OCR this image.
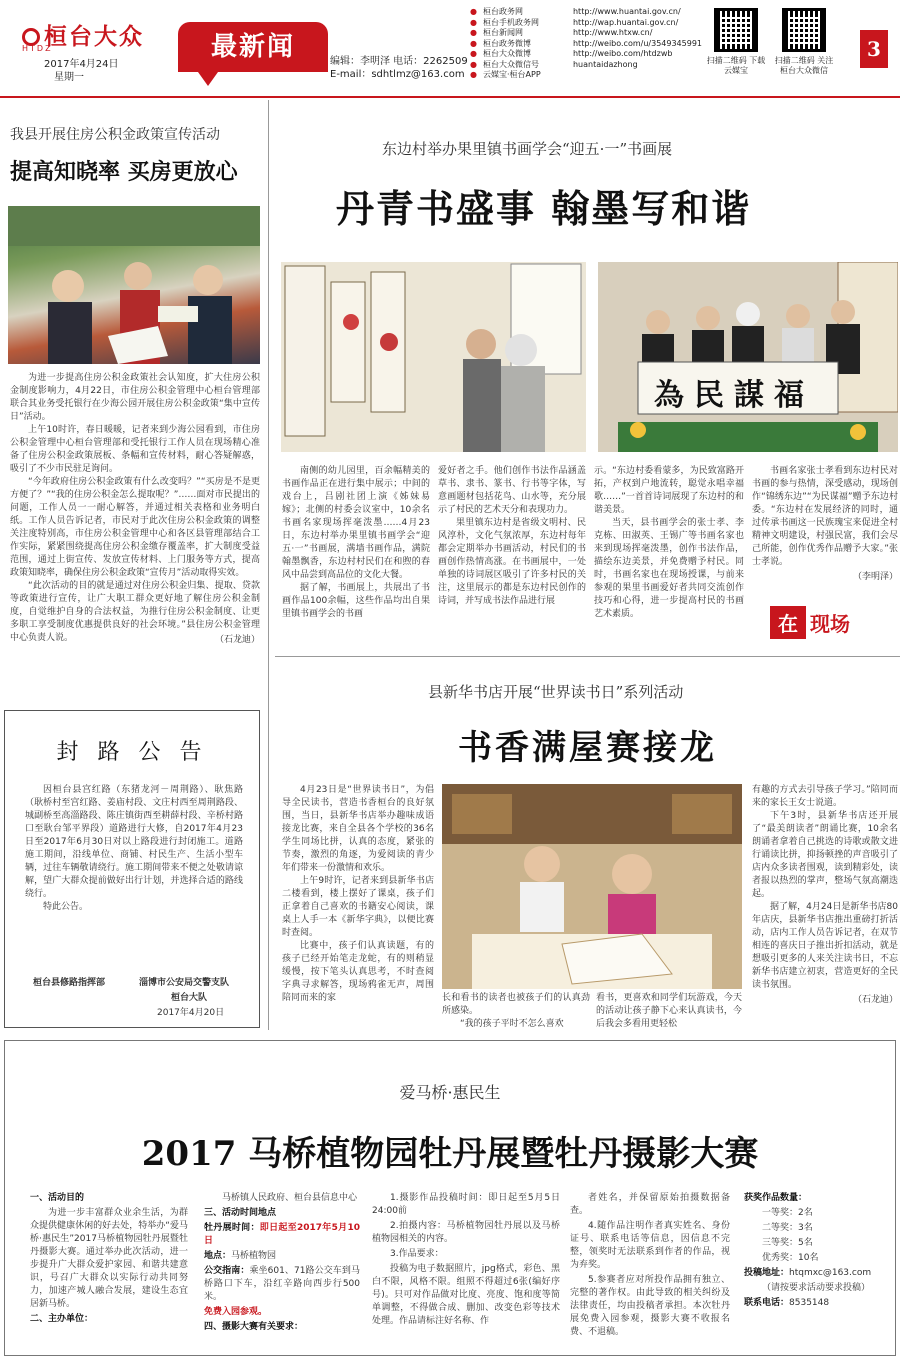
桓台大众
HTDZ
2017年4月24日
星期一
最新闻	编辑：李明泽 电话：2262509
E-mail：sdhtlmz@163.com
● 桓台政务网	http://www.huantai.gov.cn/
● 桓台手机政务网	http://wap.huantai.gov.cn/
● 桓台新闻网	http://www.htxw.cn/
● 桓台政务微博	http://weibo.com/u/3549345991
● 桓台大众微博	http://weibo.com/htdzwb
● 桓台大众微信号	huantaidazhong
● 云媒宝·桓台APP
扫描二维码 下载云媒宝
扫描二维码 关注桓台大众微信
3
我县开展住房公积金政策宣传活动
提高知晓率 买房更放心

为进一步提高住房公积金政策社会认知度，扩大住房公积金制度影响力，4月22日，市住房公积金管理中心桓台管理部联合其业务受托银行在少海公园开展住房公积金政策“集中宣传日”活动。

上午10时许，春日暖暖，记者来到少海公园看到，市住房公积金管理中心桓台管理部和受托银行工作人员在现场精心准备了住房公积金政策展板、条幅和宣传材料，耐心答疑解惑，吸引了不少市民驻足询问。

“今年政府住房公积金政策有什么改变吗？”“买房是不是更方便了？”“我的住房公积金怎么提取呢？”……面对市民提出的问题，工作人员一一耐心解答，并通过相关表格和业务明白纸。工作人员告诉记者，市民对于此次住房公积金政策的调整关注度特别高，市住房公积金管理中心和各区县管理部结合工作实际，紧紧围绕提高住房公积金缴存覆盖率，扩大制度受益范围，通过上街宣传、发放宣传材料、上门服务等方式，提高政策知晓率，确保住房公积金政策“宣传月”活动取得实效。

“此次活动的目的就是通过对住房公积金归集、提取、贷款等政策进行宣传，让广大职工群众更好地了解住房公积金制度，自觉维护自身的合法权益，为推行住房公积金制度、让更多职工享受制度优惠提供良好的社会环境。”县住房公积金管理中心负责人说。	（石龙迪）
封 路 公 告

因桓台县宫红路（东猪龙河－周荆路）、耿焦路（耿桥村至宫红路、姜庙村段、文庄村西至周荆路段、城副桥至高淄路段、陈庄镇街西至耕薛村段、辛桥村路口至耿台邹平界段）道路进行大修，自2017年4月23日至2017年6月30日对以上路段进行封闭施工。道路施工期间，沿线单位、商铺、村民生产、生活小型车辆，过往车辆敬请绕行。施工期间带来不便之处敬请谅解，望广大群众提前做好出行计划，并选择合适的路线绕行。

特此公告。

桓台县修路指挥部	淄博市公安局交警支队
桓台大队
2017年4月20日
东边村举办果里镇书画学会“迎五·一”书画展
丹青书盛事 翰墨写和谐
為民謀福

南侧的幼儿园里，百余幅精美的书画作品正在进行集中展示；中间的戏台上，吕剧社团上演《姊妹易嫁》；北侧的村委会议室中，10余名书画名家现场挥毫泼墨……4月23日，东边村举办果里镇书画学会“迎五·一”书画展，满墙书画作品，满院翰墨飘香，东边村村民们在和煦的春风中品尝到高品位的文化大餐。

据了解，书画展上，共展出了书画作品100余幅，这些作品均出自果里镇书画学会的书画

爱好者之手。他们创作书法作品涵盖草书、隶书、篆书、行书等字体，写意画题材包括花鸟、山水等，充分展示了村民的艺术天分和表现功力。

果里镇东边村是省级文明村、民风淳朴，文化气氛浓厚，东边村每年都会定期举办书画活动，村民们的书画创作热情高涨。在书画展中，一处单独的诗词展区吸引了许多村民的关注，这里展示的都是东边村民创作的诗词，并写成书法作品进行展

示。“东边村委看蒙多，为民致富路开拓，产权到户地流转，聪觉永唱幸福歌……”一首首诗词展现了东边村的和谐美景。

当天，县书画学会的张士孝、李克栋、田淑英、王锡广等书画名家也来到现场挥毫泼墨，创作书法作品，描绘东边美景，并免费赠予村民。同时，书画名家也在现场授课，与前来参观的果里书画爱好者共同交流创作技巧和心得，进一步提高村民的书画艺术素质。

书画名家张士孝看到东边村民对书画的参与热情，深受感动，现场创作“锦绣东边”“为民谋福”赠予东边村委。“东边村在发展经济的同时，通过传承书画这一民族瑰宝来促进全村精神文明建设，村强民富，我们会尽己所能，创作优秀作品赠予大家。”张士孝说。

（李明泽）
在 现场
县新华书店开展“世界读书日”系列活动
书香满屋赛接龙

4月23日是“世界读书日”，为倡导全民读书，营造书香桓台的良好氛围，当日，县新华书店举办趣味成语接龙比赛，来自全县各个学校的36名学生同场比拼，认真的态度，紧张的节奏，激烈的角逐，为爱阅读的青少年们带来一份激情和欢乐。

上午9时许，记者来到县新华书店二楼看到，楼上摆好了课桌，孩子们正拿着自己喜欢的书籍安心阅读，课桌上人手一本《新华字典》，以便比赛时查阅。

比赛中，孩子们认真读题，有的孩子已经开始笔走龙蛇，有的则稍显缓慢，按下笔头认真思考，不时查阅字典寻求解答，现场鸦雀无声，周围陪同而来的家	长和看书的读者也被孩子们的认真劲所感染。

“我的孩子平时不怎么喜欢

看书，更喜欢和同学们玩游戏，今天的活动让孩子静下心来认真读书，今后我会多看用更轻松

有趣的方式去引导孩子学习。”陪同而来的家长王女士说道。

下午3时，县新华书店还开展了“最美朗读者”朗诵比赛，10余名朗诵者拿着自己挑选的诗歌或散文进行诵读比拼，抑扬顿挫的声音吸引了店内众多读者围观，读到精彩处，读者报以热烈的掌声，整场气氛高潮迭起。

据了解，4月24日是新华书店80年店庆，县新华书店推出重磅打折活动，店内工作人员告诉记者，在双节相连的喜庆日子推出折扣活动，就是想吸引更多的人来关注读书日，不忘新华书店建立初衷，营造更好的全民读书氛围。

（石龙迪）
爱马桥·惠民生
2017 马桥植物园牡丹展暨牡丹摄影大赛
一、活动目的
为进一步丰富群众业余生活，为群众提供健康休闲的好去处，特举办“爱马桥·惠民生”2017马桥植物园牡丹展暨牡丹摄影大赛。通过举办此次活动，进一步提升广大群众爱护家园、和谐共建意识，号召广大群众以实际行动共同努力，加速产城人融合发展，建设生态宜居新马桥。
二、主办单位：
马桥镇人民政府、桓台县信息中心
三、活动时间地点
牡丹展时间：即日起至2017年5月10日
地点：马桥植物园
公交指南：乘坐601、71路公交车到马桥路口下车，沿红辛路向西步行500米。
免费入园参观。
四、摄影大赛有关要求：
1.摄影作品投稿时间：即日起至5月5日24:00前
2.拍摄内容：马桥植物园牡丹展以及马桥植物园相关的内容。
3.作品要求：
投稿为电子数据照片，jpg格式，彩色、黑白不限，风格不限。组照不得超过6张(编好序号)。只可对作品做对比度、亮度、饱和度等简单调整，不得做合成、删加、改变色彩等技术处理。作品请标注好名称、作
者姓名，并保留原始拍摄数据备查。
4.随作品注明作者真实姓名、身份证号、联系电话等信息，因信息不完整，领奖时无法联系到作者的作品，视为弃奖。
5.参赛者应对所投作品拥有独立、完整的著作权。由此导致的相关纠纷及法律责任，均由投稿者承担。本次牡丹展免费入园参观，摄影大赛不收报名费、不退稿。
获奖作品数量：
一等奖：2名
二等奖：3名
三等奖：5名
优秀奖：10名
投稿地址：htqmxc@163.com
（请按要求活动要求投稿）
联系电话：8535148
